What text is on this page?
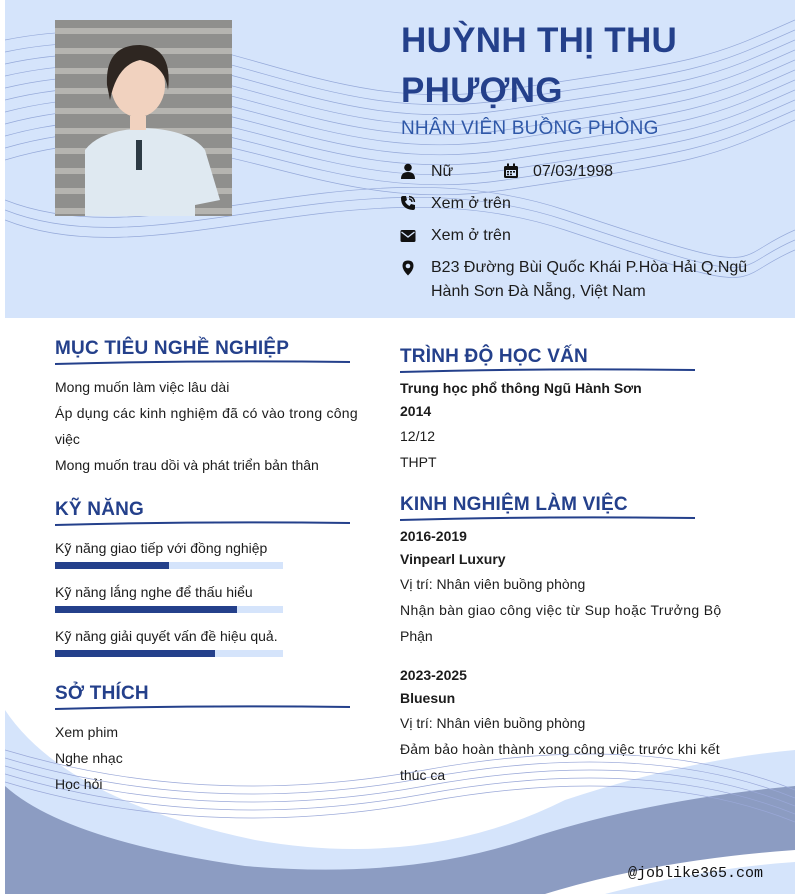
HUỲNH THỊ THU
PHƯỢNG
NHÂN VIÊN BUỒNG PHÒNG
Nữ	07/03/1998
Xem ở trên
Xem ở trên
B23 Đường Bùi Quốc Khái P.Hòa Hải Q.Ngũ
Hành Sơn Đà Nẵng, Việt Nam
MỤC TIÊU NGHỀ NGHIỆP
Mong muốn làm việc lâu dài
Áp dụng các kinh nghiệm đã có vào trong công
việc
Mong muốn trau dồi và phát triển bản thân
KỸ NĂNG
Kỹ năng giao tiếp với đồng nghiệp
Kỹ năng lắng nghe để thấu hiểu
Kỹ năng giải quyết vấn đề hiệu quả.
SỞ THÍCH
Xem phim
Nghe nhạc
Học hỏi
TRÌNH ĐỘ HỌC VẤN
Trung học phổ thông Ngũ Hành Sơn
2014
12/12
THPT
KINH NGHIỆM LÀM VIỆC
2016-2019
Vinpearl Luxury
Vị trí: Nhân viên buồng phòng
Nhận bàn giao công việc từ Sup hoặc Trưởng Bộ
Phận
2023-2025
Bluesun
Vị trí: Nhân viên buồng phòng
Đảm bảo hoàn thành xong công việc trước khi kết
thúc ca
@joblike365.com
